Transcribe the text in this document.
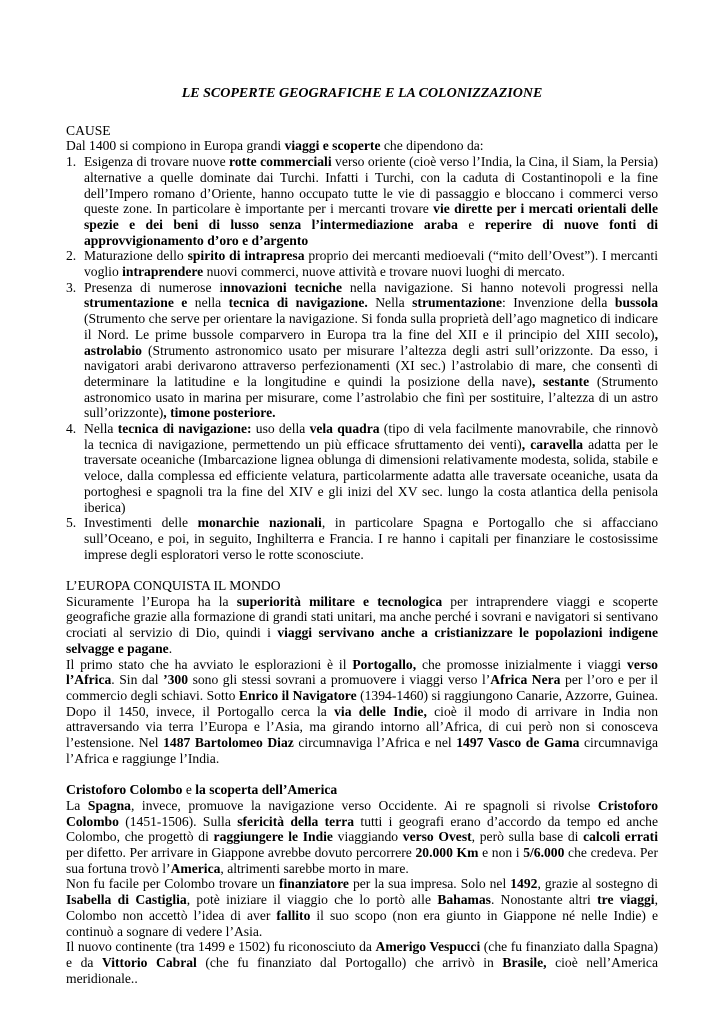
LE SCOPERTE GEOGRAFICHE E LA COLONIZZAZIONE
CAUSE
Dal 1400 si compiono in Europa grandi viaggi e scoperte che dipendono da:
1. Esigenza di trovare nuove rotte commerciali verso oriente (cioè verso l’India, la Cina, il Siam, la Persia) alternative a quelle dominate dai Turchi. Infatti i Turchi, con la caduta di Costantinopoli e la fine dell’Impero romano d’Oriente, hanno occupato tutte le vie di passaggio e bloccano i commerci verso queste zone. In particolare è importante per i mercanti trovare vie dirette per i mercati orientali delle spezie e dei beni di lusso senza l’intermediazione araba e reperire di nuove fonti di approvvigionamento d’oro e d’argento
2. Maturazione dello spirito di intrapresa proprio dei mercanti medioevali (“mito dell’Ovest”). I mercanti voglio intraprendere nuovi commerci, nuove attività e trovare nuovi luoghi di mercato.
3. Presenza di numerose innovazioni tecniche nella navigazione. Si hanno notevoli progressi nella strumentazione e nella tecnica di navigazione. Nella strumentazione: Invenzione della bussola (Strumento che serve per orientare la navigazione. Si fonda sulla proprietà dell’ago magnetico di indicare il Nord. Le prime bussole comparvero in Europa tra la fine del XII e il principio del XIII secolo), astrolabio (Strumento astronomico usato per misurare l’altezza degli astri sull’orizzonte. Da esso, i navigatori arabi derivarono attraverso perfezionamenti (XI sec.) l’astrolabio di mare, che consentì di determinare la latitudine e la longitudine e quindi la posizione della nave), sestante (Strumento astronomico usato in marina per misurare, come l’astrolabio che finì per sostituire, l’altezza di un astro sull’orizzonte), timone posteriore.
4. Nella tecnica di navigazione: uso della vela quadra (tipo di vela facilmente manovrabile, che rinnovò la tecnica di navigazione, permettendo un più efficace sfruttamento dei venti), caravella adatta per le traversate oceaniche (Imbarcazione lignea oblunga di dimensioni relativamente modesta, solida, stabile e veloce, dalla complessa ed efficiente velatura, particolarmente adatta alle traversate oceaniche, usata da portoghesi e spagnoli tra la fine del XIV e gli inizi del XV sec. lungo la costa atlantica della penisola iberica)
5. Investimenti delle monarchie nazionali, in particolare Spagna e Portogallo che si affacciano sull’Oceano, e poi, in seguito, Inghilterra e Francia. I re hanno i capitali per finanziare le costosissime imprese degli esploratori verso le rotte sconosciute.
L’EUROPA CONQUISTA IL MONDO
Sicuramente l’Europa ha la superiorità militare e tecnologica per intraprendere viaggi e scoperte geografiche grazie alla formazione di grandi stati unitari, ma anche perché i sovrani e navigatori si sentivano crociati al servizio di Dio, quindi i viaggi servivano anche a cristianizzare le popolazioni indigene selvagge e pagane.
Il primo stato che ha avviato le esplorazioni è il Portogallo, che promosse inizialmente i viaggi verso l’Africa. Sin dal ’300 sono gli stessi sovrani a promuovere i viaggi verso l’Africa Nera per l’oro e per il commercio degli schiavi. Sotto Enrico il Navigatore (1394-1460) si raggiungono Canarie, Azzorre, Guinea. Dopo il 1450, invece, il Portogallo cerca la via delle Indie, cioè il modo di arrivare in India non attraversando via terra l’Europa e l’Asia, ma girando intorno all’Africa, di cui però non si conosceva l’estensione. Nel 1487 Bartolomeo Diaz circumnaviga l’Africa e nel 1497 Vasco de Gama circumnaviga l’Africa e raggiunge l’India.
Cristoforo Colombo e la scoperta dell’America
La Spagna, invece, promuove la navigazione verso Occidente. Ai re spagnoli si rivolse Cristoforo Colombo (1451-1506). Sulla sfericità della terra tutti i geografi erano d’accordo da tempo ed anche Colombo, che progettò di raggiungere le Indie viaggiando verso Ovest, però sulla base di calcoli errati per difetto. Per arrivare in Giappone avrebbe dovuto percorrere 20.000 Km e non i 5/6.000 che credeva. Per sua fortuna trovò l’America, altrimenti sarebbe morto in mare.
Non fu facile per Colombo trovare un finanziatore per la sua impresa. Solo nel 1492, grazie al sostegno di Isabella di Castiglia, potè iniziare il viaggio che lo portò alle Bahamas. Nonostante altri tre viaggi, Colombo non accettò l’idea di aver fallito il suo scopo (non era giunto in Giappone né nelle Indie) e continuò a sognare di vedere l’Asia.
Il nuovo continente (tra 1499 e 1502) fu riconosciuto da Amerigo Vespucci (che fu finanziato dalla Spagna) e da Vittorio Cabral (che fu finanziato dal Portogallo) che arrivò in Brasile, cioè nell’America meridionale..
